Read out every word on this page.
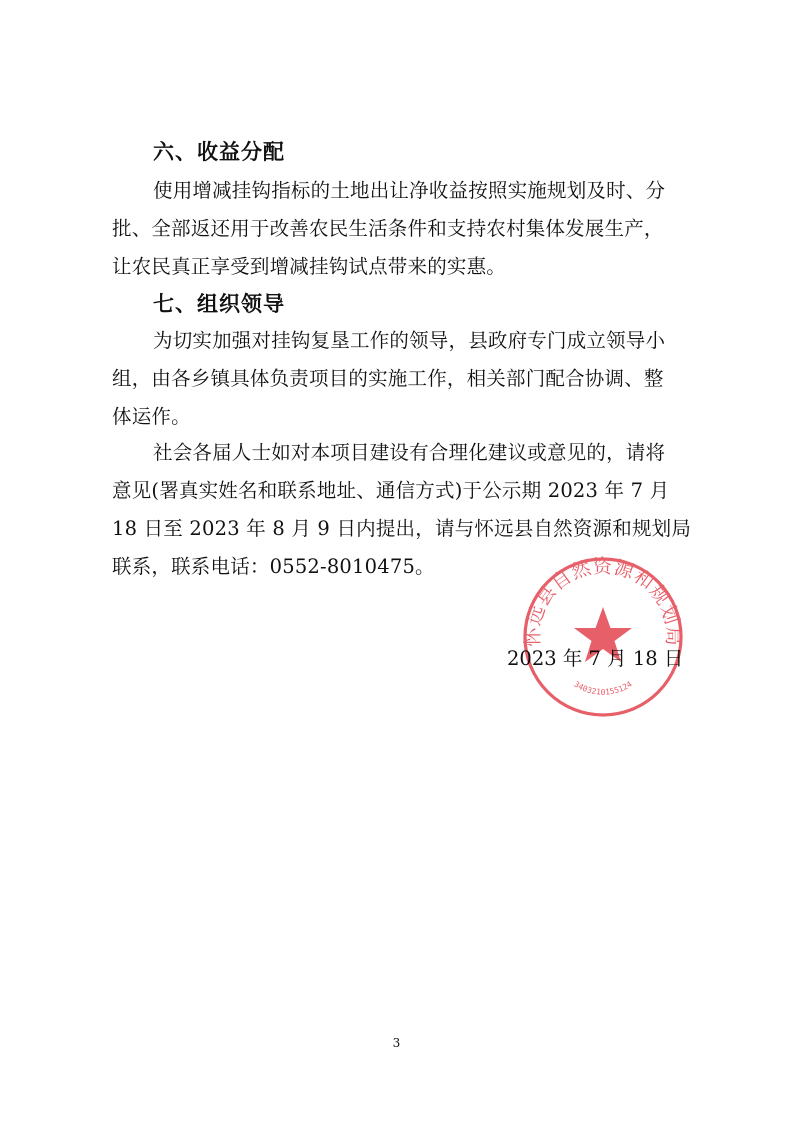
六、收益分配

使用增减挂钩指标的土地出让净收益按照实施规划及时、分

批、全部返还用于改善农民生活条件和支持农村集体发展生产，

让农民真正享受到增减挂钩试点带来的实惠。

七、组织领导

为切实加强对挂钩复垦工作的领导，县政府专门成立领导小

组，由各乡镇具体负责项目的实施工作，相关部门配合协调、整

体运作。

社会各届人士如对本项目建设有合理化建议或意见的，请将

意见(署真实姓名和联系地址、通信方式)于公示期 2023 年 7 月

18 日至 2023 年 8 月 9 日内提出，请与怀远县自然资源和规划局

联系，联系电话：0552-8010475。

2023 年 7 月 18 日

怀远县自然资源和规划局
3403210155124

3
